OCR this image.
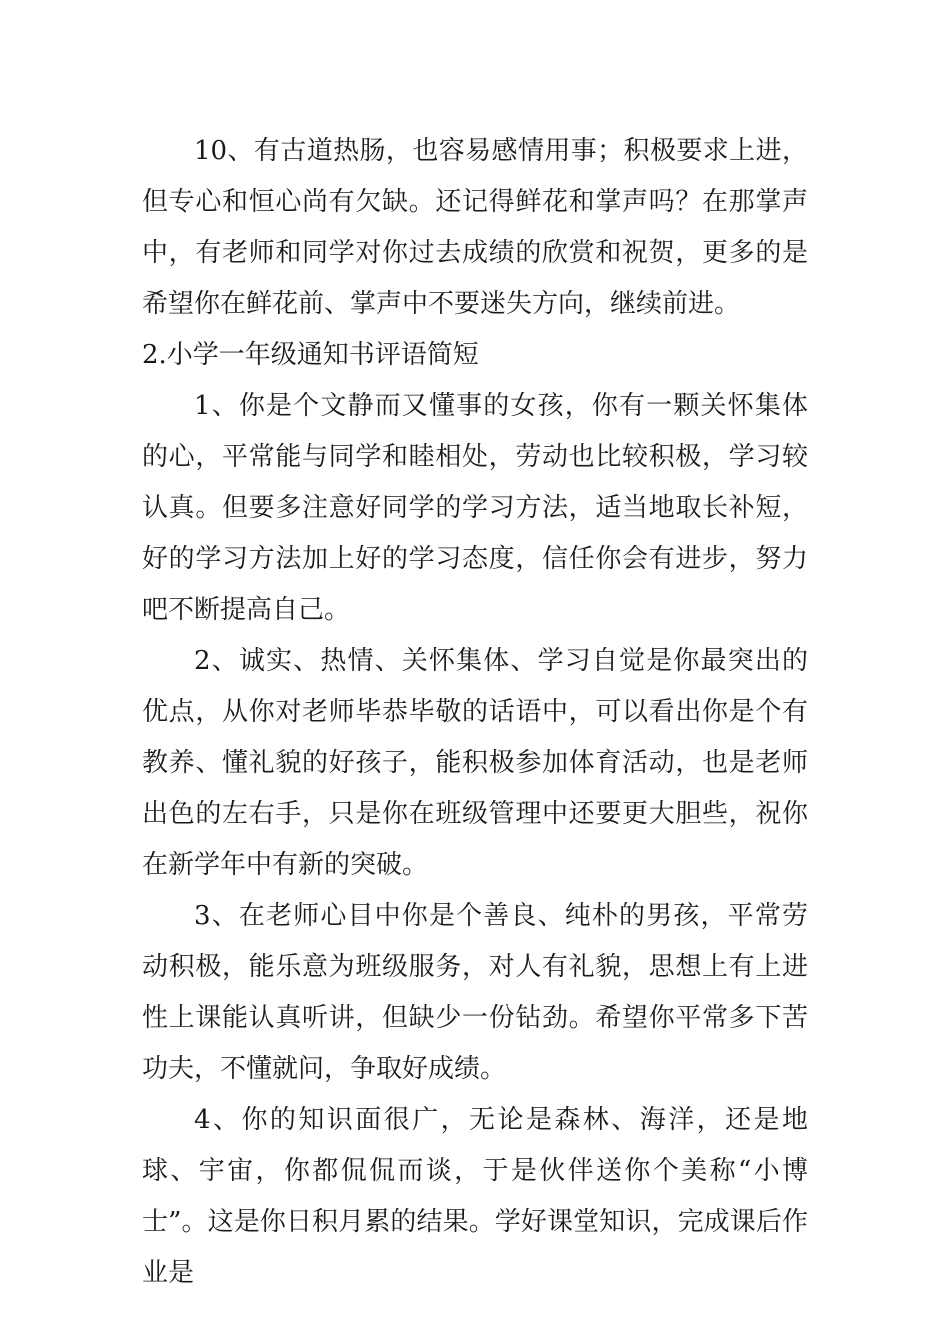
10、有古道热肠，也容易感情用事；积极要求上进，但专心和恒心尚有欠缺。还记得鲜花和掌声吗？在那掌声中，有老师和同学对你过去成绩的欣赏和祝贺，更多的是希望你在鲜花前、掌声中不要迷失方向，继续前进。

2.小学一年级通知书评语简短

1、你是个文静而又懂事的女孩，你有一颗关怀集体的心，平常能与同学和睦相处，劳动也比较积极，学习较认真。但要多注意好同学的学习方法，适当地取长补短，好的学习方法加上好的学习态度，信任你会有进步，努力吧不断提高自己。

2、诚实、热情、关怀集体、学习自觉是你最突出的优点，从你对老师毕恭毕敬的话语中，可以看出你是个有教养、懂礼貌的好孩子，能积极参加体育活动，也是老师出色的左右手，只是你在班级管理中还要更大胆些，祝你在新学年中有新的突破。

3、在老师心目中你是个善良、纯朴的男孩，平常劳动积极，能乐意为班级服务，对人有礼貌，思想上有上进性上课能认真听讲，但缺少一份钻劲。希望你平常多下苦功夫，不懂就问，争取好成绩。

4、你的知识面很广，无论是森林、海洋，还是地球、宇宙，你都侃侃而谈，于是伙伴送你个美称“小博士”。这是你日积月累的结果。学好课堂知识，完成课后作业是
